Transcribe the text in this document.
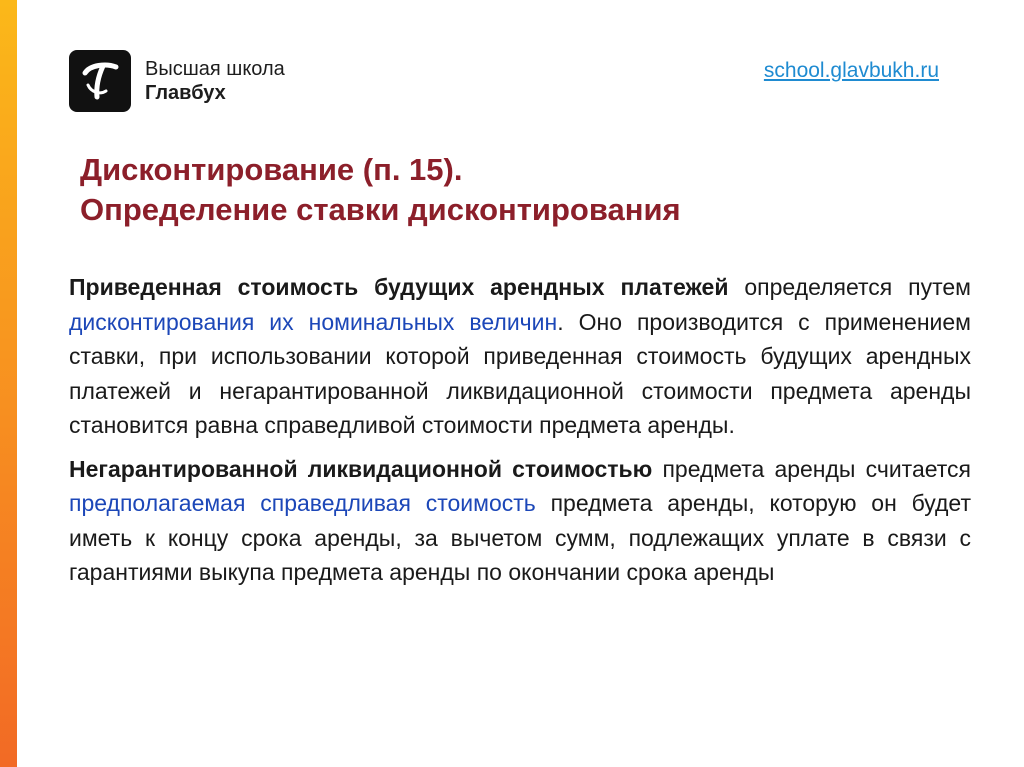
Высшая школа
Главбух
school.glavbukh.ru
Дисконтирование (п. 15).
Определение ставки дисконтирования

Приведенная стоимость будущих арендных платежей определяется путем дисконтирования их номинальных величин. Оно производится с применением ставки, при использовании которой приведенная стоимость будущих арендных платежей и негарантированной ликвидационной стоимости предмета аренды становится равна справедливой стоимости предмета аренды.

Негарантированной ликвидационной стоимостью предмета аренды считается предполагаемая справедливая стоимость предмета аренды, которую он будет иметь к концу срока аренды, за вычетом сумм, подлежащих уплате в связи с гарантиями выкупа предмета аренды по окончании срока аренды
